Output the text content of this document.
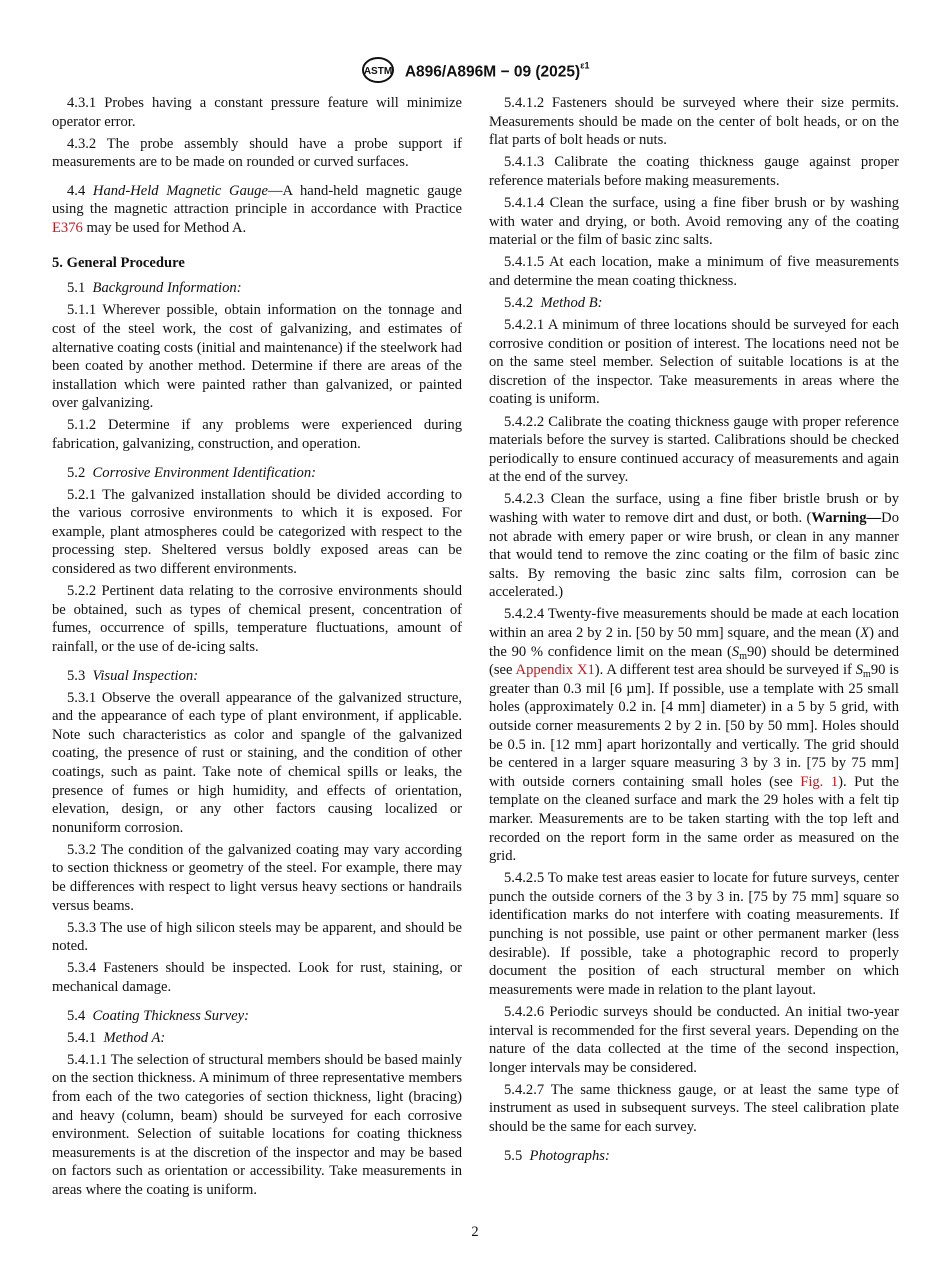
ASTM A896/A896M − 09 $(2025)^{\varepsilon 1}$

4.3.1 Probes having a constant pressure feature will minimize operator error.

4.3.2 The probe assembly should have a probe support if measurements are to be made on rounded or curved surfaces.

4.4 Hand-Held Magnetic Gauge—A hand-held magnetic gauge using the magnetic attraction principle in accordance with Practice E376 may be used for Method A.

5. General Procedure

5.1 Background Information:

5.1.1 Wherever possible, obtain information on the tonnage and cost of the steel work, the cost of galvanizing, and estimates of alternative coating costs (initial and maintenance) if the steelwork had been coated by another method. Determine if there are areas of the installation which were painted rather than galvanized, or painted over galvanizing.

5.1.2 Determine if any problems were experienced during fabrication, galvanizing, construction, and operation.

5.2 Corrosive Environment Identification:

5.2.1 The galvanized installation should be divided according to the various corrosive environments to which it is exposed. For example, plant atmospheres could be categorized with respect to the processing step. Sheltered versus boldly exposed areas can be considered as two different environments.

5.2.2 Pertinent data relating to the corrosive environments should be obtained, such as types of chemical present, concentration of fumes, occurrence of spills, temperature fluctuations, amount of rainfall, or the use of de-icing salts.

5.3 Visual Inspection:

5.3.1 Observe the overall appearance of the galvanized structure, and the appearance of each type of plant environment, if applicable. Note such characteristics as color and spangle of the galvanized coating, the presence of rust or staining, and the condition of other coatings, such as paint. Take note of chemical spills or leaks, the presence of fumes or high humidity, and effects of orientation, elevation, design, or any other factors causing localized or nonuniform corrosion.

5.3.2 The condition of the galvanized coating may vary according to section thickness or geometry of the steel. For example, there may be differences with respect to light versus heavy sections or handrails versus beams.

5.3.3 The use of high silicon steels may be apparent, and should be noted.

5.3.4 Fasteners should be inspected. Look for rust, staining, or mechanical damage.

5.4 Coating Thickness Survey:

5.4.1 Method A:

5.4.1.1 The selection of structural members should be based mainly on the section thickness. A minimum of three representative members from each of the two categories of section thickness, light (bracing) and heavy (column, beam) should be surveyed for each corrosive environment. Selection of suitable locations for coating thickness measurements is at the discretion of the inspector and may be based on factors such as orientation or accessibility. Take measurements in areas where the coating is uniform.

5.4.1.2 Fasteners should be surveyed where their size permits. Measurements should be made on the center of bolt heads, or on the flat parts of bolt heads or nuts.

5.4.1.3 Calibrate the coating thickness gauge against proper reference materials before making measurements.

5.4.1.4 Clean the surface, using a fine fiber brush or by washing with water and drying, or both. Avoid removing any of the coating material or the film of basic zinc salts.

5.4.1.5 At each location, make a minimum of five measurements and determine the mean coating thickness.

5.4.2 Method B:

5.4.2.1 A minimum of three locations should be surveyed for each corrosive condition or position of interest. The locations need not be on the same steel member. Selection of suitable locations is at the discretion of the inspector. Take measurements in areas where the coating is uniform.

5.4.2.2 Calibrate the coating thickness gauge with proper reference materials before the survey is started. Calibrations should be checked periodically to ensure continued accuracy of measurements and again at the end of the survey.

5.4.2.3 Clean the surface, using a fine fiber bristle brush or by washing with water to remove dirt and dust, or both. (Warning—Do not abrade with emery paper or wire brush, or clean in any manner that would tend to remove the zinc coating or the film of basic zinc salts. By removing the basic zinc salts film, corrosion can be accelerated.)

5.4.2.4 Twenty-five measurements should be made at each location within an area 2 by 2 in. [50 by 50 mm] square, and the mean (X) and the 90 % confidence limit on the mean $(S_m90)$ should be determined (see Appendix X1). A different test area should be surveyed if $S_m90$ is greater than 0.3 mil [6 µm]. If possible, use a template with 25 small holes (approximately 0.2 in. [4 mm] diameter) in a 5 by 5 grid, with outside corner measurements 2 by 2 in. [50 by 50 mm]. Holes should be 0.5 in. [12 mm] apart horizontally and vertically. The grid should be centered in a larger square measuring 3 by 3 in. [75 by 75 mm] with outside corners containing small holes (see Fig. 1). Put the template on the cleaned surface and mark the 29 holes with a felt tip marker. Measurements are to be taken starting with the top left and recorded on the report form in the same order as measured on the grid.

5.4.2.5 To make test areas easier to locate for future surveys, center punch the outside corners of the 3 by 3 in. [75 by 75 mm] square so identification marks do not interfere with coating measurements. If punching is not possible, use paint or other permanent marker (less desirable). If possible, take a photographic record to properly document the position of each structural member on which measurements were made in relation to the plant layout.

5.4.2.6 Periodic surveys should be conducted. An initial two-year interval is recommended for the first several years. Depending on the nature of the data collected at the time of the second inspection, longer intervals may be considered.

5.4.2.7 The same thickness gauge, or at least the same type of instrument as used in subsequent surveys. The steel calibration plate should be the same for each survey.

5.5 Photographs:

2
